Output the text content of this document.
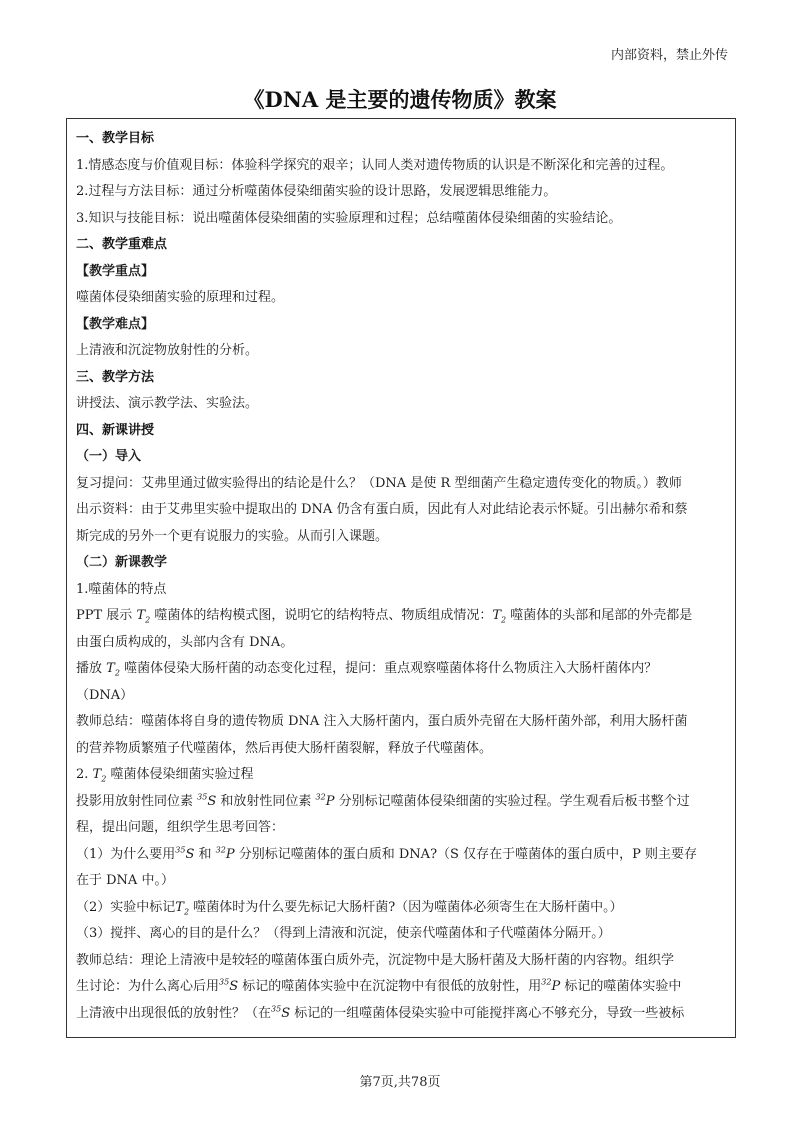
内部资料，禁止外传
《DNA 是主要的遗传物质》教案
一、教学目标
1.情感态度与价值观目标：体验科学探究的艰辛；认同人类对遗传物质的认识是不断深化和完善的过程。
2.过程与方法目标：通过分析噬菌体侵染细菌实验的设计思路，发展逻辑思维能力。
3.知识与技能目标：说出噬菌体侵染细菌的实验原理和过程；总结噬菌体侵染细菌的实验结论。
二、教学重难点
【教学重点】
噬菌体侵染细菌实验的原理和过程。
【教学难点】
上清液和沉淀物放射性的分析。
三、教学方法
讲授法、演示教学法、实验法。
四、新课讲授
（一）导入
复习提问：艾弗里通过做实验得出的结论是什么？（DNA 是使 R 型细菌产生稳定遗传变化的物质。）教师
出示资料：由于艾弗里实验中提取出的 DNA 仍含有蛋白质，因此有人对此结论表示怀疑。引出赫尔希和蔡
斯完成的另外一个更有说服力的实验。从而引入课题。
（二）新课教学
1.噬菌体的特点
PPT 展示 $T_2$ 噬菌体的结构模式图，说明它的结构特点、物质组成情况：$T_2$ 噬菌体的头部和尾部的外壳都是
由蛋白质构成的，头部内含有 DNA。
播放 $T_2$ 噬菌体侵染大肠杆菌的动态变化过程，提问：重点观察噬菌体将什么物质注入大肠杆菌体内？
（DNA）
教师总结：噬菌体将自身的遗传物质 DNA 注入大肠杆菌内，蛋白质外壳留在大肠杆菌外部，利用大肠杆菌
的营养物质繁殖子代噬菌体，然后再使大肠杆菌裂解，释放子代噬菌体。
2. $T_2$ 噬菌体侵染细菌实验过程
投影用放射性同位素 $^{35}$S 和放射性同位素 $^{32}$P 分别标记噬菌体侵染细菌的实验过程。学生观看后板书整个过
程，提出问题，组织学生思考回答：
（1）为什么要用$^{35}$S 和 $^{32}$P 分别标记噬菌体的蛋白质和 DNA?（S 仅存在于噬菌体的蛋白质中，P 则主要存
在于 DNA 中。）
（2）实验中标记$T_2$ 噬菌体时为什么要先标记大肠杆菌?（因为噬菌体必须寄生在大肠杆菌中。）
（3）搅拌、离心的目的是什么？（得到上清液和沉淀，使亲代噬菌体和子代噬菌体分隔开。）
教师总结：理论上清液中是较轻的噬菌体蛋白质外壳，沉淀物中是大肠杆菌及大肠杆菌的内容物。组织学
生讨论：为什么离心后用$^{35}$S 标记的噬菌体实验中在沉淀物中有很低的放射性，用$^{32}$P 标记的噬菌体实验中
上清液中出现很低的放射性？（在$^{35}$S 标记的一组噬菌体侵染实验中可能搅拌离心不够充分，导致一些被标
第7页,共78页
